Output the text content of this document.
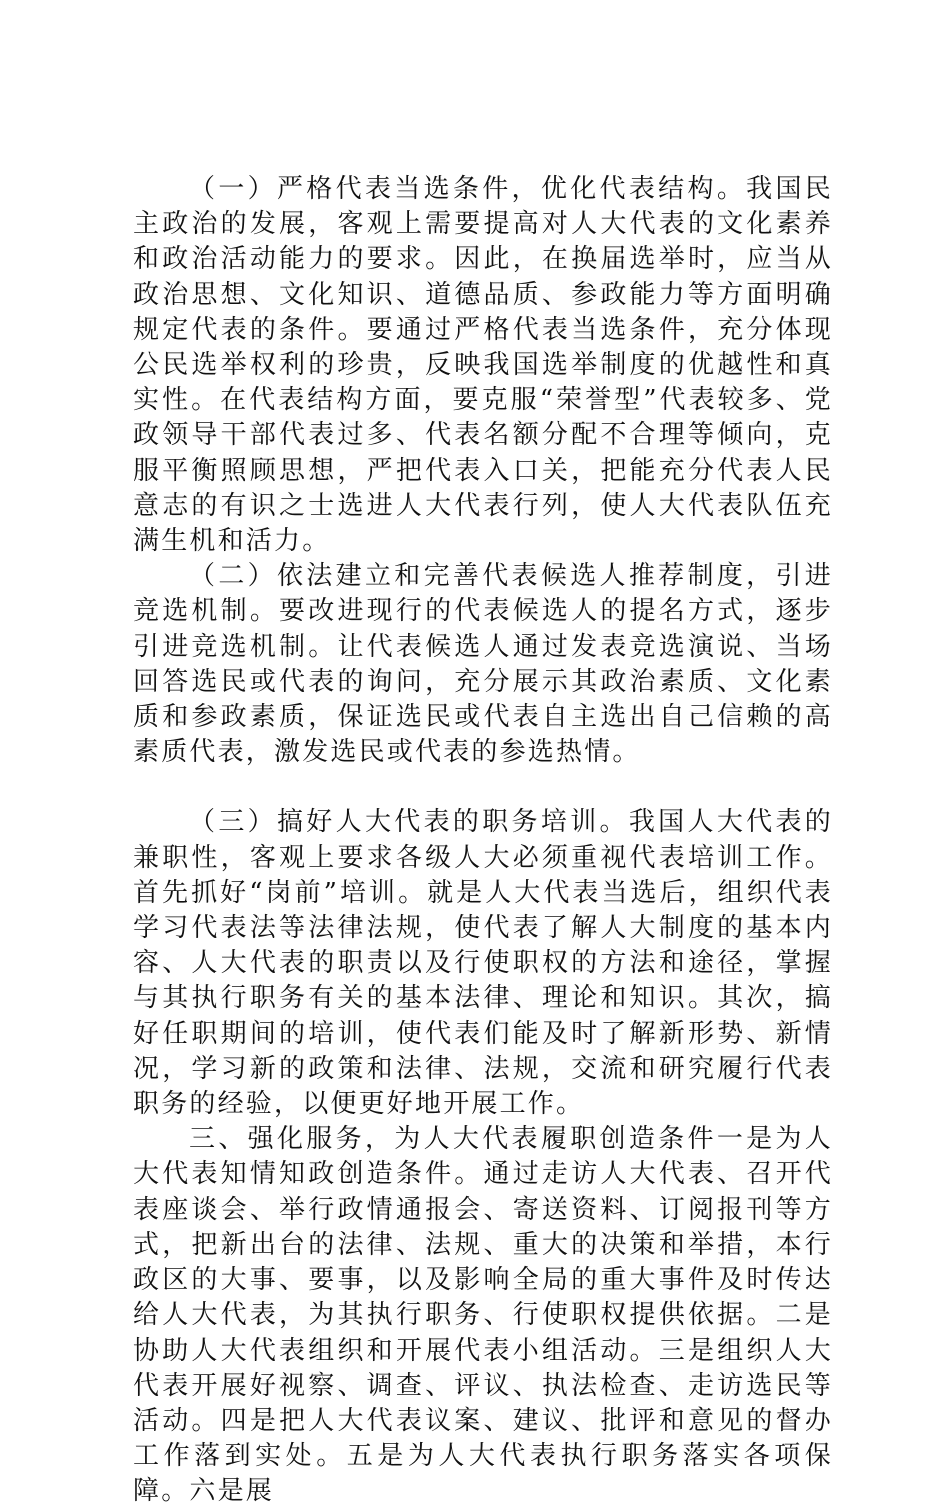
（一）严格代表当选条件，优化代表结构。我国民主政治的发展，客观上需要提高对人大代表的文化素养和政治活动能力的要求。因此，在换届选举时，应当从政治思想、文化知识、道德品质、参政能力等方面明确规定代表的条件。要通过严格代表当选条件，充分体现公民选举权利的珍贵，反映我国选举制度的优越性和真实性。在代表结构方面，要克服“荣誉型”代表较多、党政领导干部代表过多、代表名额分配不合理等倾向，克服平衡照顾思想，严把代表入口关，把能充分代表人民意志的有识之士选进人大代表行列，使人大代表队伍充满生机和活力。

（二）依法建立和完善代表候选人推荐制度，引进竞选机制。要改进现行的代表候选人的提名方式，逐步引进竞选机制。让代表候选人通过发表竞选演说、当场回答选民或代表的询问，充分展示其政治素质、文化素质和参政素质，保证选民或代表自主选出自己信赖的高素质代表，激发选民或代表的参选热情。

（三）搞好人大代表的职务培训。我国人大代表的兼职性，客观上要求各级人大必须重视代表培训工作。首先抓好“岗前”培训。就是人大代表当选后，组织代表学习代表法等法律法规，使代表了解人大制度的基本内容、人大代表的职责以及行使职权的方法和途径，掌握与其执行职务有关的基本法律、理论和知识。其次，搞好任职期间的培训，使代表们能及时了解新形势、新情况，学习新的政策和法律、法规，交流和研究履行代表职务的经验，以便更好地开展工作。

三、强化服务，为人大代表履职创造条件一是为人大代表知情知政创造条件。通过走访人大代表、召开代表座谈会、举行政情通报会、寄送资料、订阅报刊等方式，把新出台的法律、法规、重大的决策和举措，本行政区的大事、要事，以及影响全局的重大事件及时传达给人大代表，为其执行职务、行使职权提供依据。二是协助人大代表组织和开展代表小组活动。三是组织人大代表开展好视察、调查、评议、执法检查、走访选民等活动。四是把人大代表议案、建议、批评和意见的督办工作落到实处。五是为人大代表执行职务落实各项保障。六是展
